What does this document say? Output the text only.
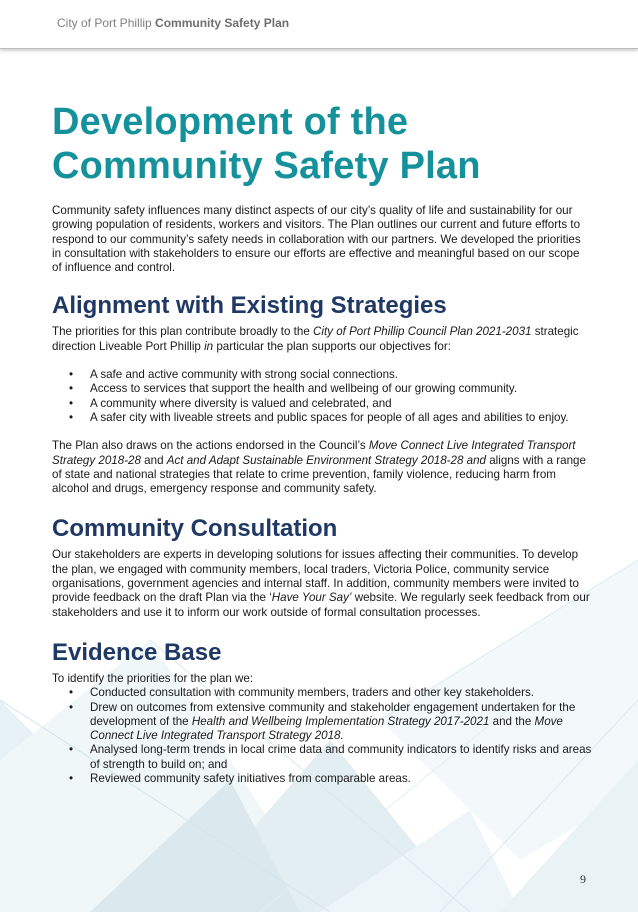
City of Port Phillip Community Safety Plan
Development of the
Community Safety Plan

Community safety influences many distinct aspects of our city’s quality of life and sustainability for our growing population of residents, workers and visitors. The Plan outlines our current and future efforts to respond to our community’s safety needs in collaboration with our partners. We developed the priorities in consultation with stakeholders to ensure our efforts are effective and meaningful based on our scope of influence and control.

Alignment with Existing Strategies

The priorities for this plan contribute broadly to the City of Port Phillip Council Plan 2021-2031 strategic direction Liveable Port Phillip in particular the plan supports our objectives for:

• A safe and active community with strong social connections.
• Access to services that support the health and wellbeing of our growing community.
• A community where diversity is valued and celebrated, and
• A safer city with liveable streets and public spaces for people of all ages and abilities to enjoy.

The Plan also draws on the actions endorsed in the Council’s Move Connect Live Integrated Transport Strategy 2018-28 and Act and Adapt Sustainable Environment Strategy 2018-28 and aligns with a range of state and national strategies that relate to crime prevention, family violence, reducing harm from alcohol and drugs, emergency response and community safety.

Community Consultation

Our stakeholders are experts in developing solutions for issues affecting their communities. To develop the plan, we engaged with community members, local traders, Victoria Police, community service organisations, government agencies and internal staff. In addition, community members were invited to provide feedback on the draft Plan via the ‘Have Your Say’ website. We regularly seek feedback from our stakeholders and use it to inform our work outside of formal consultation processes.

Evidence Base

To identify the priorities for the plan we:

• Conducted consultation with community members, traders and other key stakeholders.
• Drew on outcomes from extensive community and stakeholder engagement undertaken for the development of the Health and Wellbeing Implementation Strategy 2017-2021 and the Move Connect Live Integrated Transport Strategy 2018.
• Analysed long-term trends in local crime data and community indicators to identify risks and areas of strength to build on; and
• Reviewed community safety initiatives from comparable areas.
9
